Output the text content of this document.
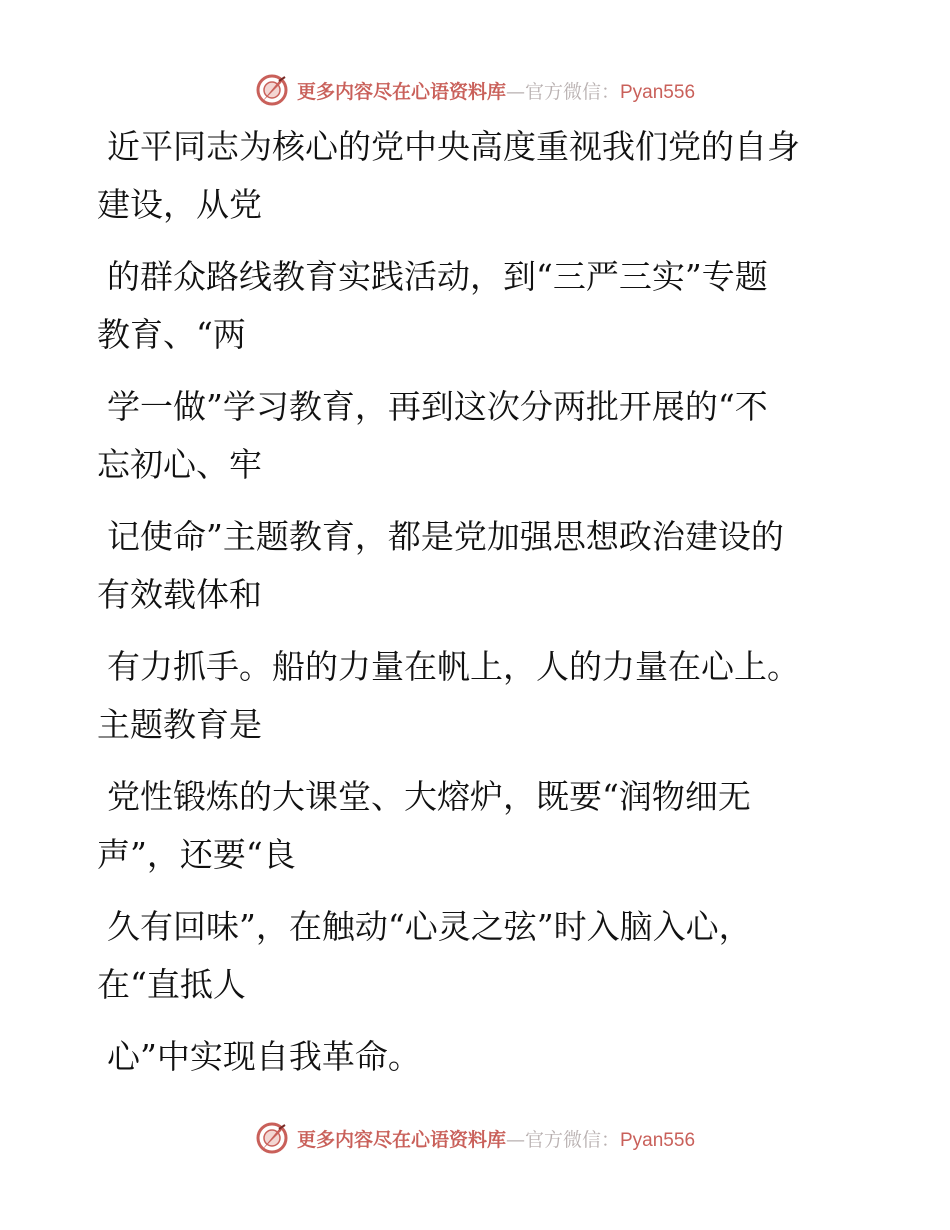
更多内容尽在心语资料库—官方微信：Pyan556

近平同志为核心的党中央高度重视我们党的自身
建设，从党

的群众路线教育实践活动，到“三严三实”专题
教育、“两

学一做”学习教育，再到这次分两批开展的“不
忘初心、牢

记使命”主题教育，都是党加强思想政治建设的
有效载体和

有力抓手。船的力量在帆上，人的力量在心上。
主题教育是

党性锻炼的大课堂、大熔炉，既要“润物细无
声”，还要“良

久有回味”，在触动“心灵之弦”时入脑入心，
在“直抵人

心”中实现自我革命。

更多内容尽在心语资料库—官方微信：Pyan556
